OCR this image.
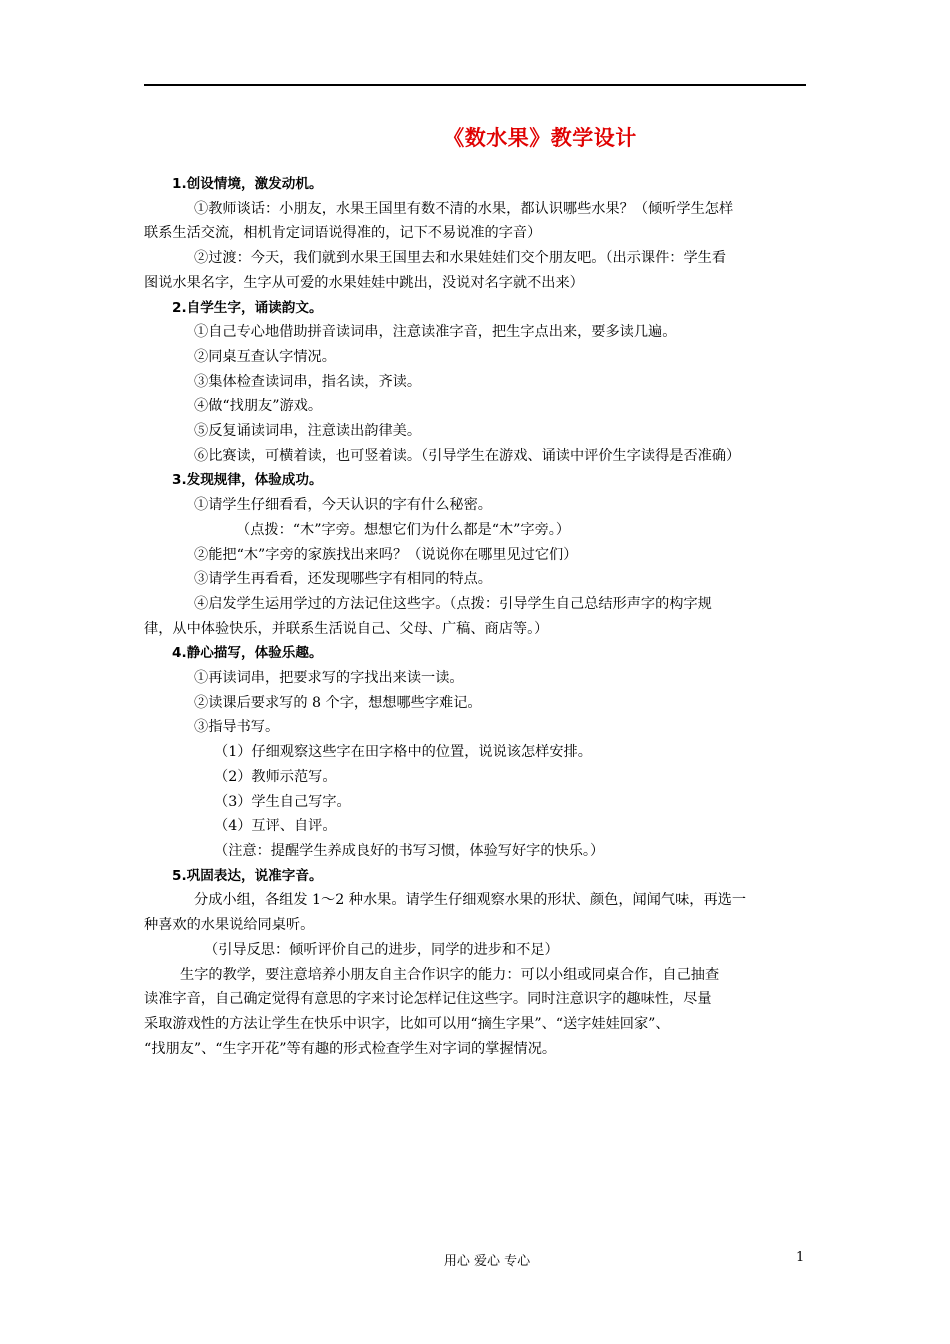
《数水果》教学设计

1.创设情境，激发动机。

①教师谈话：小朋友，水果王国里有数不清的水果，都认识哪些水果？（倾听学生怎样

联系生活交流，相机肯定词语说得准的，记下不易说准的字音）

②过渡：今天，我们就到水果王国里去和水果娃娃们交个朋友吧。（出示课件：学生看

图说水果名字，生字从可爱的水果娃娃中跳出，没说对名字就不出来）

2.自学生字，诵读韵文。

①自己专心地借助拼音读词串，注意读准字音，把生字点出来，要多读几遍。

②同桌互查认字情况。

③集体检查读词串，指名读，齐读。

④做“找朋友”游戏。

⑤反复诵读词串，注意读出韵律美。

⑥比赛读，可横着读，也可竖着读。（引导学生在游戏、诵读中评价生字读得是否准确）

3.发现规律，体验成功。

①请学生仔细看看，今天认识的字有什么秘密。

（点拨：“木”字旁。想想它们为什么都是“木”字旁。）

②能把“木”字旁的家族找出来吗？（说说你在哪里见过它们）

③请学生再看看，还发现哪些字有相同的特点。

④启发学生运用学过的方法记住这些字。（点拨：引导学生自己总结形声字的构字规

律，从中体验快乐，并联系生活说自己、父母、广稿、商店等。）

4.静心描写，体验乐趣。

①再读词串，把要求写的字找出来读一读。

②读课后要求写的 8 个字，想想哪些字难记。

③指导书写。

（1）仔细观察这些字在田字格中的位置，说说该怎样安排。

（2）教师示范写。

（3）学生自己写字。

（4）互评、自评。

（注意：提醒学生养成良好的书写习惯，体验写好字的快乐。）

5.巩固表达，说准字音。

分成小组，各组发 1～2 种水果。请学生仔细观察水果的形状、颜色，闻闻气味，再选一

种喜欢的水果说给同桌听。

（引导反思：倾听评价自己的进步，同学的进步和不足）

生字的教学，要注意培养小朋友自主合作识字的能力：可以小组或同桌合作，自己抽查

读准字音，自己确定觉得有意思的字来讨论怎样记住这些字。同时注意识字的趣味性，尽量

采取游戏性的方法让学生在快乐中识字，比如可以用“摘生字果”、“送字娃娃回家”、

“找朋友”、“生字开花”等有趣的形式检查学生对字词的掌握情况。

用心 爱心 专心	1
